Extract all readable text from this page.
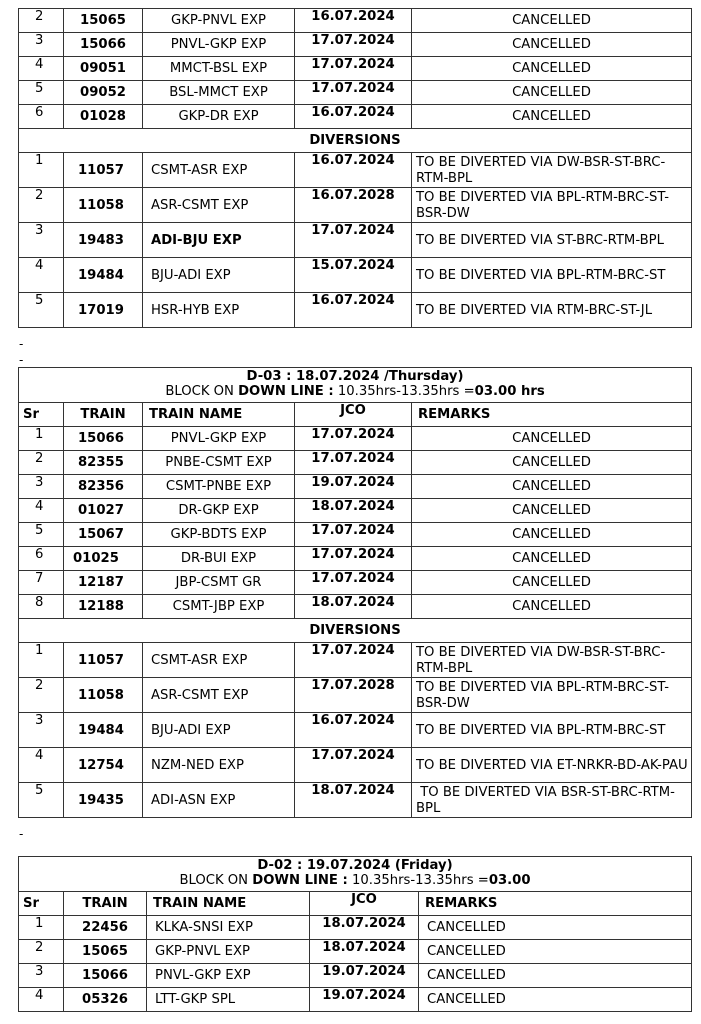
2	15065	GKP-PNVL EXP	16.07.2024	CANCELLED
3	15066	PNVL-GKP EXP	17.07.2024	CANCELLED
4	09051	MMCT-BSL EXP	17.07.2024	CANCELLED
5	09052	BSL-MMCT EXP	17.07.2024	CANCELLED
6	01028	GKP-DR EXP	16.07.2024	CANCELLED
DIVERSIONS				
1	11057	CSMT-ASR EXP	16.07.2024	TO BE DIVERTED VIA DW-BSR-ST-BRC-RTM-BPL
2	11058	ASR-CSMT EXP	16.07.2028	TO BE DIVERTED VIA BPL-RTM-BRC-ST-BSR-DW
3	19483	ADI-BJU EXP	17.07.2024	TO BE DIVERTED VIA ST-BRC-RTM-BPL
4	19484	BJU-ADI EXP	15.07.2024	TO BE DIVERTED VIA BPL-RTM-BRC-ST
5	17019	HSR-HYB EXP	16.07.2024	TO BE DIVERTED VIA RTM-BRC-ST-JL
-
-
D-03 : 18.07.2024 /Thursday)
BLOCK ON DOWN LINE : 10.35hrs-13.35hrs =03.00 hrs				

Sr	TRAIN	TRAIN NAME	JCO	REMARKS
1	15066	PNVL-GKP EXP	17.07.2024	CANCELLED
2	82355	PNBE-CSMT EXP	17.07.2024	CANCELLED
3	82356	CSMT-PNBE EXP	19.07.2024	CANCELLED
4	01027	DR-GKP EXP	18.07.2024	CANCELLED
5	15067	GKP-BDTS EXP	17.07.2024	CANCELLED
6	01025	DR-BUI EXP	17.07.2024	CANCELLED
7	12187	JBP-CSMT GR	17.07.2024	CANCELLED
8	12188	CSMT-JBP EXP	18.07.2024	CANCELLED
DIVERSIONS				
1	11057	CSMT-ASR EXP	17.07.2024	TO BE DIVERTED VIA DW-BSR-ST-BRC-RTM-BPL
2	11058	ASR-CSMT EXP	17.07.2028	TO BE DIVERTED VIA BPL-RTM-BRC-ST-BSR-DW
3	19484	BJU-ADI EXP	16.07.2024	TO BE DIVERTED VIA BPL-RTM-BRC-ST
4	12754	NZM-NED EXP	17.07.2024	TO BE DIVERTED VIA ET-NRKR-BD-AK-PAU
5	19435	ADI-ASN EXP	18.07.2024	TO BE DIVERTED VIA BSR-ST-BRC-RTM-BPL
-
D-02 : 19.07.2024 (Friday)
BLOCK ON DOWN LINE : 10.35hrs-13.35hrs =03.00				

Sr	TRAIN	TRAIN NAME	JCO	REMARKS
1	22456	KLKA-SNSI EXP	18.07.2024	CANCELLED
2	15065	GKP-PNVL EXP	18.07.2024	CANCELLED
3	15066	PNVL-GKP EXP	19.07.2024	CANCELLED
4	05326	LTT-GKP SPL	19.07.2024	CANCELLED
